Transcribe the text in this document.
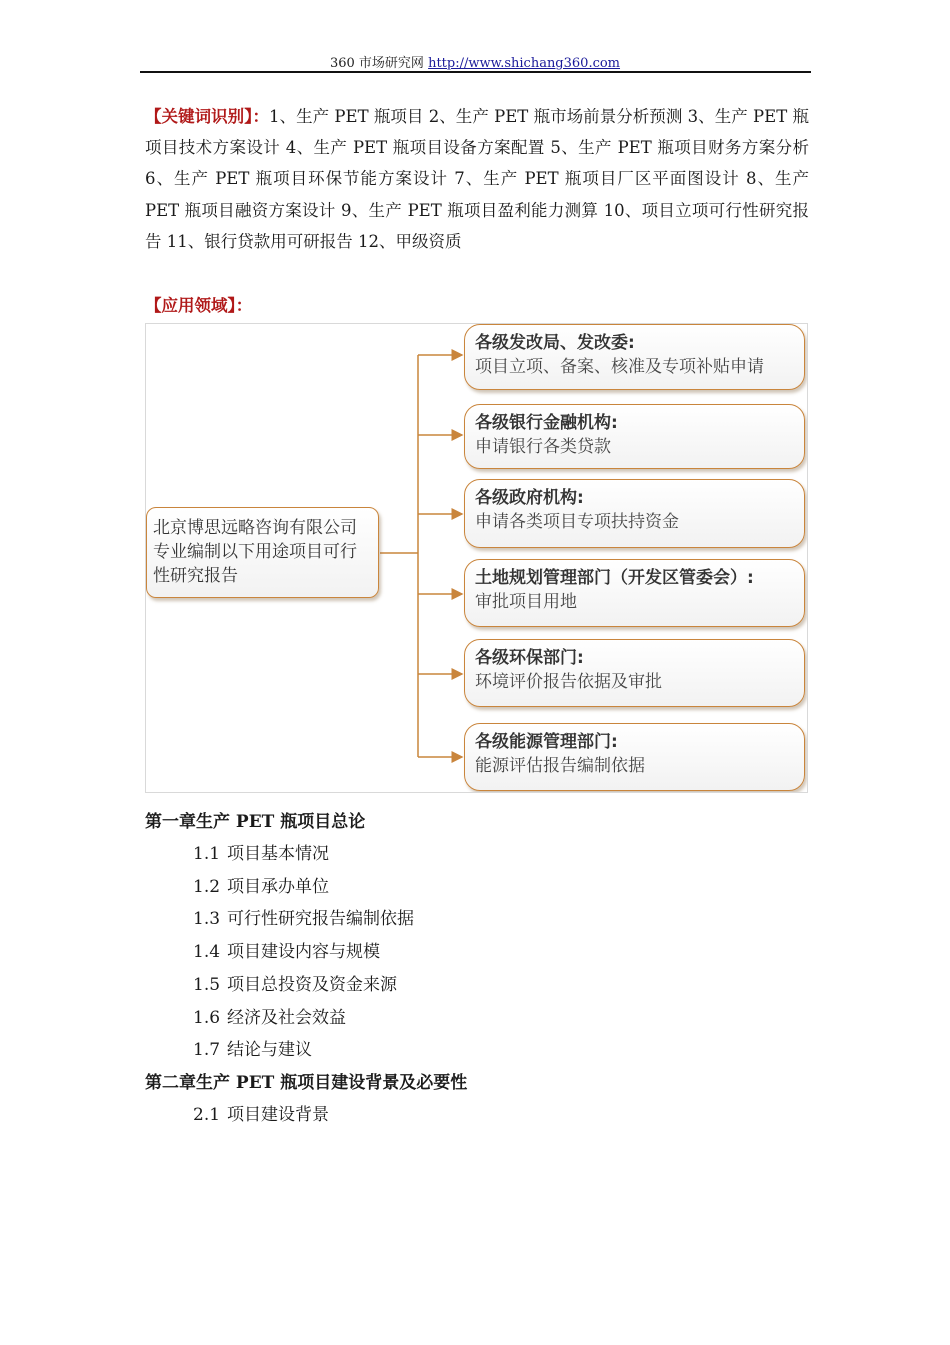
360 市场研究网 http://www.shichang360.com
【关键词识别】：1、生产 PET 瓶项目 2、生产 PET 瓶市场前景分析预测 3、生产 PET 瓶项目技术方案设计 4、生产 PET 瓶项目设备方案配置 5、生产 PET 瓶项目财务方案分析 6、生产 PET 瓶项目环保节能方案设计 7、生产 PET 瓶项目厂区平面图设计 8、生产 PET 瓶项目融资方案设计 9、生产 PET 瓶项目盈利能力测算 10、项目立项可行性研究报告 11、银行贷款用可研报告 12、甲级资质
【应用领域】：
北京博思远略咨询有限公司
专业编制以下用途项目可行
性研究报告
各级发改局、发改委:
项目立项、备案、核准及专项补贴申请
各级银行金融机构:
申请银行各类贷款
各级政府机构:
申请各类项目专项扶持资金
土地规划管理部门（开发区管委会）:
审批项目用地
各级环保部门:
环境评价报告依据及审批
各级能源管理部门:
能源评估报告编制依据
第一章生产 PET 瓶项目总论
1.1 项目基本情况
1.2 项目承办单位
1.3 可行性研究报告编制依据
1.4 项目建设内容与规模
1.5 项目总投资及资金来源
1.6 经济及社会效益
1.7 结论与建议
第二章生产 PET 瓶项目建设背景及必要性
2.1 项目建设背景
